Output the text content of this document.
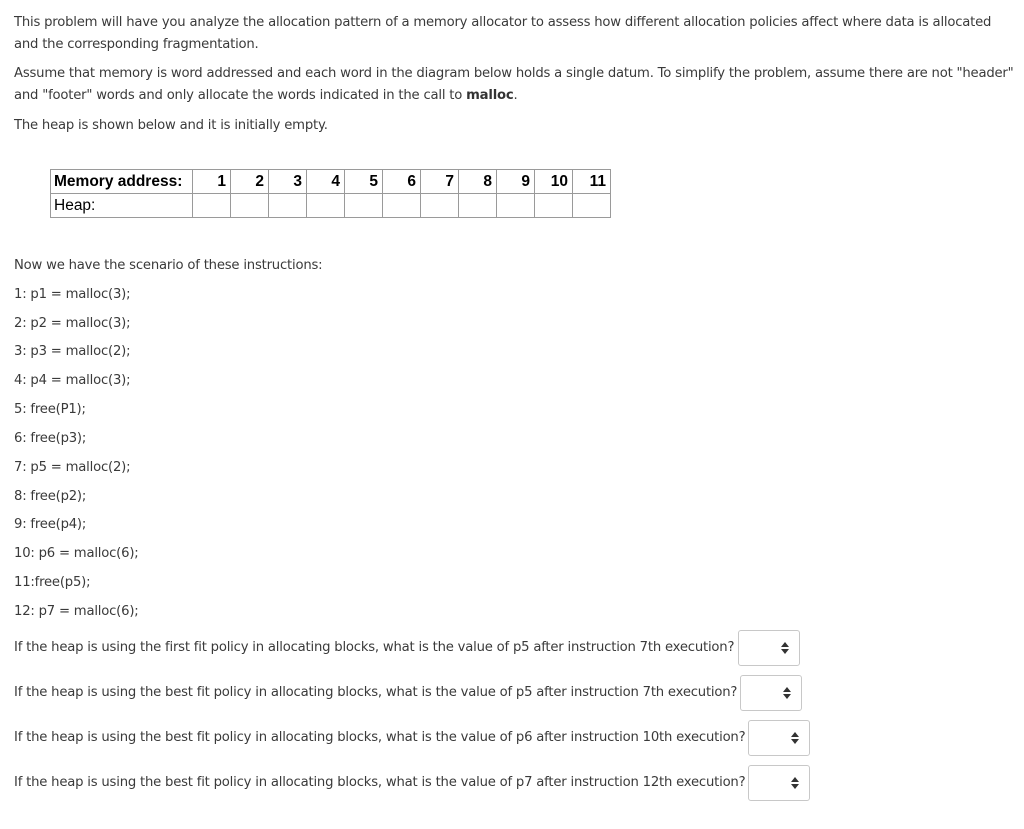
This problem will have you analyze the allocation pattern of a memory allocator to assess how different allocation policies affect where data is allocated and the corresponding fragmentation.
Assume that memory is word addressed and each word in the diagram below holds a single datum. To simplify the problem, assume there are not "header" and "footer" words and only allocate the words indicated in the call to malloc.
The heap is shown below and it is initially empty.
Memory address:	1	2	3	4	5	6	7	8	9	10	11
Heap:											
Now we have the scenario of these instructions:
1: p1 = malloc(3);
2: p2 = malloc(3);
3: p3 = malloc(2);
4: p4 = malloc(3);
5: free(P1);
6: free(p3);
7: p5 = malloc(2);
8: free(p2);
9: free(p4);
10: p6 = malloc(6);
11:free(p5);
12: p7 = malloc(6);
If the heap is using the first fit policy in allocating blocks, what is the value of p5 after instruction 7th execution?
If the heap is using the best fit policy in allocating blocks, what is the value of p5 after instruction 7th execution?
If the heap is using the best fit policy in allocating blocks, what is the value of p6 after instruction 10th execution?
If the heap is using the best fit policy in allocating blocks, what is the value of p7 after instruction 12th execution?
